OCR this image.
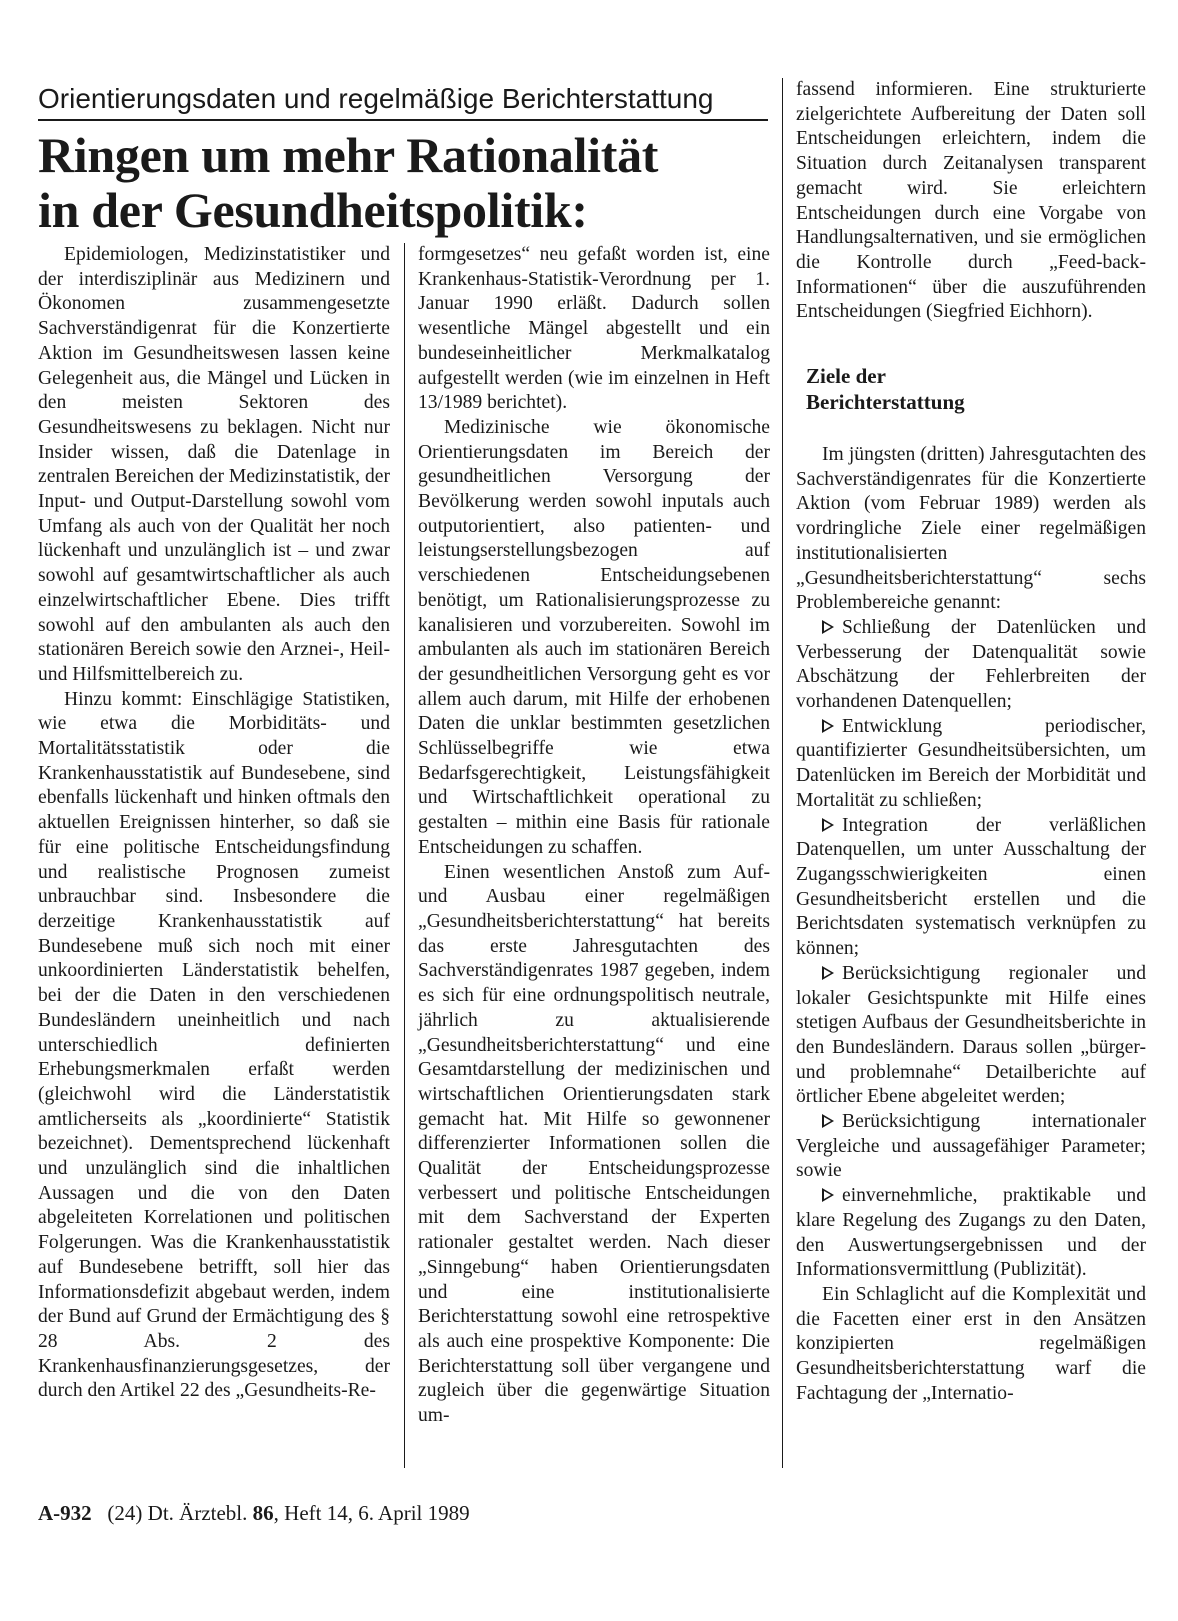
Orientierungsdaten und regelmäßige Berichterstattung
Ringen um mehr Rationalität
in der Gesundheitspolitik:

Epidemiologen, Medizinstatistiker und der interdisziplinär aus Medizinern und Ökonomen zusammengesetzte Sachverständigenrat für die Konzertierte Aktion im Gesundheitswesen lassen keine Gelegenheit aus, die Mängel und Lücken in den meisten Sektoren des Gesundheitswesens zu beklagen. Nicht nur Insider wissen, daß die Datenlage in zentralen Bereichen der Medizinstatistik, der Input- und Output-Darstellung sowohl vom Umfang als auch von der Qualität her noch lückenhaft und unzulänglich ist – und zwar sowohl auf gesamtwirtschaftlicher als auch einzelwirtschaftlicher Ebene. Dies trifft sowohl auf den ambulanten als auch den stationären Bereich sowie den Arznei-, Heil- und Hilfsmittelbereich zu.

Hinzu kommt: Einschlägige Statistiken, wie etwa die Morbiditäts- und Mortalitätsstatistik oder die Krankenhausstatistik auf Bundesebene, sind ebenfalls lückenhaft und hinken oftmals den aktuellen Ereignissen hinterher, so daß sie für eine politische Entscheidungsfindung und realistische Prognosen zumeist unbrauchbar sind. Insbesondere die derzeitige Krankenhausstatistik auf Bundesebene muß sich noch mit einer unkoordinierten Länderstatistik behelfen, bei der die Daten in den verschiedenen Bundesländern uneinheitlich und nach unterschiedlich definierten Erhebungsmerkmalen erfaßt werden (gleichwohl wird die Länderstatistik amtlicherseits als „koordinierte“ Statistik bezeichnet). Dementsprechend lückenhaft und unzulänglich sind die inhaltlichen Aussagen und die von den Daten abgeleiteten Korrelationen und politischen Folgerungen. Was die Krankenhausstatistik auf Bundesebene betrifft, soll hier das Informationsdefizit abgebaut werden, indem der Bund auf Grund der Ermächtigung des § 28 Abs. 2 des Krankenhausfinanzierungsgesetzes, der durch den Artikel 22 des „Gesundheits-Re-

formgesetzes“ neu gefaßt worden ist, eine Krankenhaus-Statistik-Verordnung per 1. Januar 1990 erläßt. Dadurch sollen wesentliche Mängel abgestellt und ein bundeseinheitlicher Merkmalkatalog aufgestellt werden (wie im einzelnen in Heft 13/1989 berichtet).

Medizinische wie ökonomische Orientierungsdaten im Bereich der gesundheitlichen Versorgung der Bevölkerung werden sowohl inputals auch outputorientiert, also patienten- und leistungserstellungsbezogen auf verschiedenen Entscheidungsebenen benötigt, um Rationalisierungsprozesse zu kanalisieren und vorzubereiten. Sowohl im ambulanten als auch im stationären Bereich der gesundheitlichen Versorgung geht es vor allem auch darum, mit Hilfe der erhobenen Daten die unklar bestimmten gesetzlichen Schlüsselbegriffe wie etwa Bedarfsgerechtigkeit, Leistungsfähigkeit und Wirtschaftlichkeit operational zu gestalten – mithin eine Basis für rationale Entscheidungen zu schaffen.

Einen wesentlichen Anstoß zum Auf- und Ausbau einer regelmäßigen „Gesundheitsberichterstattung“ hat bereits das erste Jahresgutachten des Sachverständigenrates 1987 gegeben, indem es sich für eine ordnungspolitisch neutrale, jährlich zu aktualisierende „Gesundheitsberichterstattung“ und eine Gesamtdarstellung der medizinischen und wirtschaftlichen Orientierungsdaten stark gemacht hat. Mit Hilfe so gewonnener differenzierter Informationen sollen die Qualität der Entscheidungsprozesse verbessert und politische Entscheidungen mit dem Sachverstand der Experten rationaler gestaltet werden. Nach dieser „Sinngebung“ haben Orientierungsdaten und eine institutionalisierte Berichterstattung sowohl eine retrospektive als auch eine prospektive Komponente: Die Berichterstattung soll über vergangene und zugleich über die gegenwärtige Situation um-

fassend informieren. Eine strukturierte zielgerichtete Aufbereitung der Daten soll Entscheidungen erleichtern, indem die Situation durch Zeitanalysen transparent gemacht wird. Sie erleichtern Entscheidungen durch eine Vorgabe von Handlungsalternativen, und sie ermöglichen die Kontrolle durch „Feed-back-Informationen“ über die auszuführenden Entscheidungen (Siegfried Eichhorn).

Ziele der
Berichterstattung

Im jüngsten (dritten) Jahresgutachten des Sachverständigenrates für die Konzertierte Aktion (vom Februar 1989) werden als vordringliche Ziele einer regelmäßigen institutionalisierten „Gesundheitsberichterstattung“ sechs Problembereiche genannt:

Schließung der Datenlücken und Verbesserung der Datenqualität sowie Abschätzung der Fehlerbreiten der vorhandenen Datenquellen;

Entwicklung periodischer, quantifizierter Gesundheitsübersichten, um Datenlücken im Bereich der Morbidität und Mortalität zu schließen;

Integration der verläßlichen Datenquellen, um unter Ausschaltung der Zugangsschwierigkeiten einen Gesundheitsbericht erstellen und die Berichtsdaten systematisch verknüpfen zu können;

Berücksichtigung regionaler und lokaler Gesichtspunkte mit Hilfe eines stetigen Aufbaus der Gesundheitsberichte in den Bundesländern. Daraus sollen „bürger- und problemnahe“ Detailberichte auf örtlicher Ebene abgeleitet werden;

Berücksichtigung internationaler Vergleiche und aussagefähiger Parameter; sowie

einvernehmliche, praktikable und klare Regelung des Zugangs zu den Daten, den Auswertungsergebnissen und der Informationsvermittlung (Publizität).

Ein Schlaglicht auf die Komplexität und die Facetten einer erst in den Ansätzen konzipierten regelmäßigen Gesundheitsberichterstattung warf die Fachtagung der „Internatio-

A-932 (24) Dt. Ärztebl. 86, Heft 14, 6. April 1989
